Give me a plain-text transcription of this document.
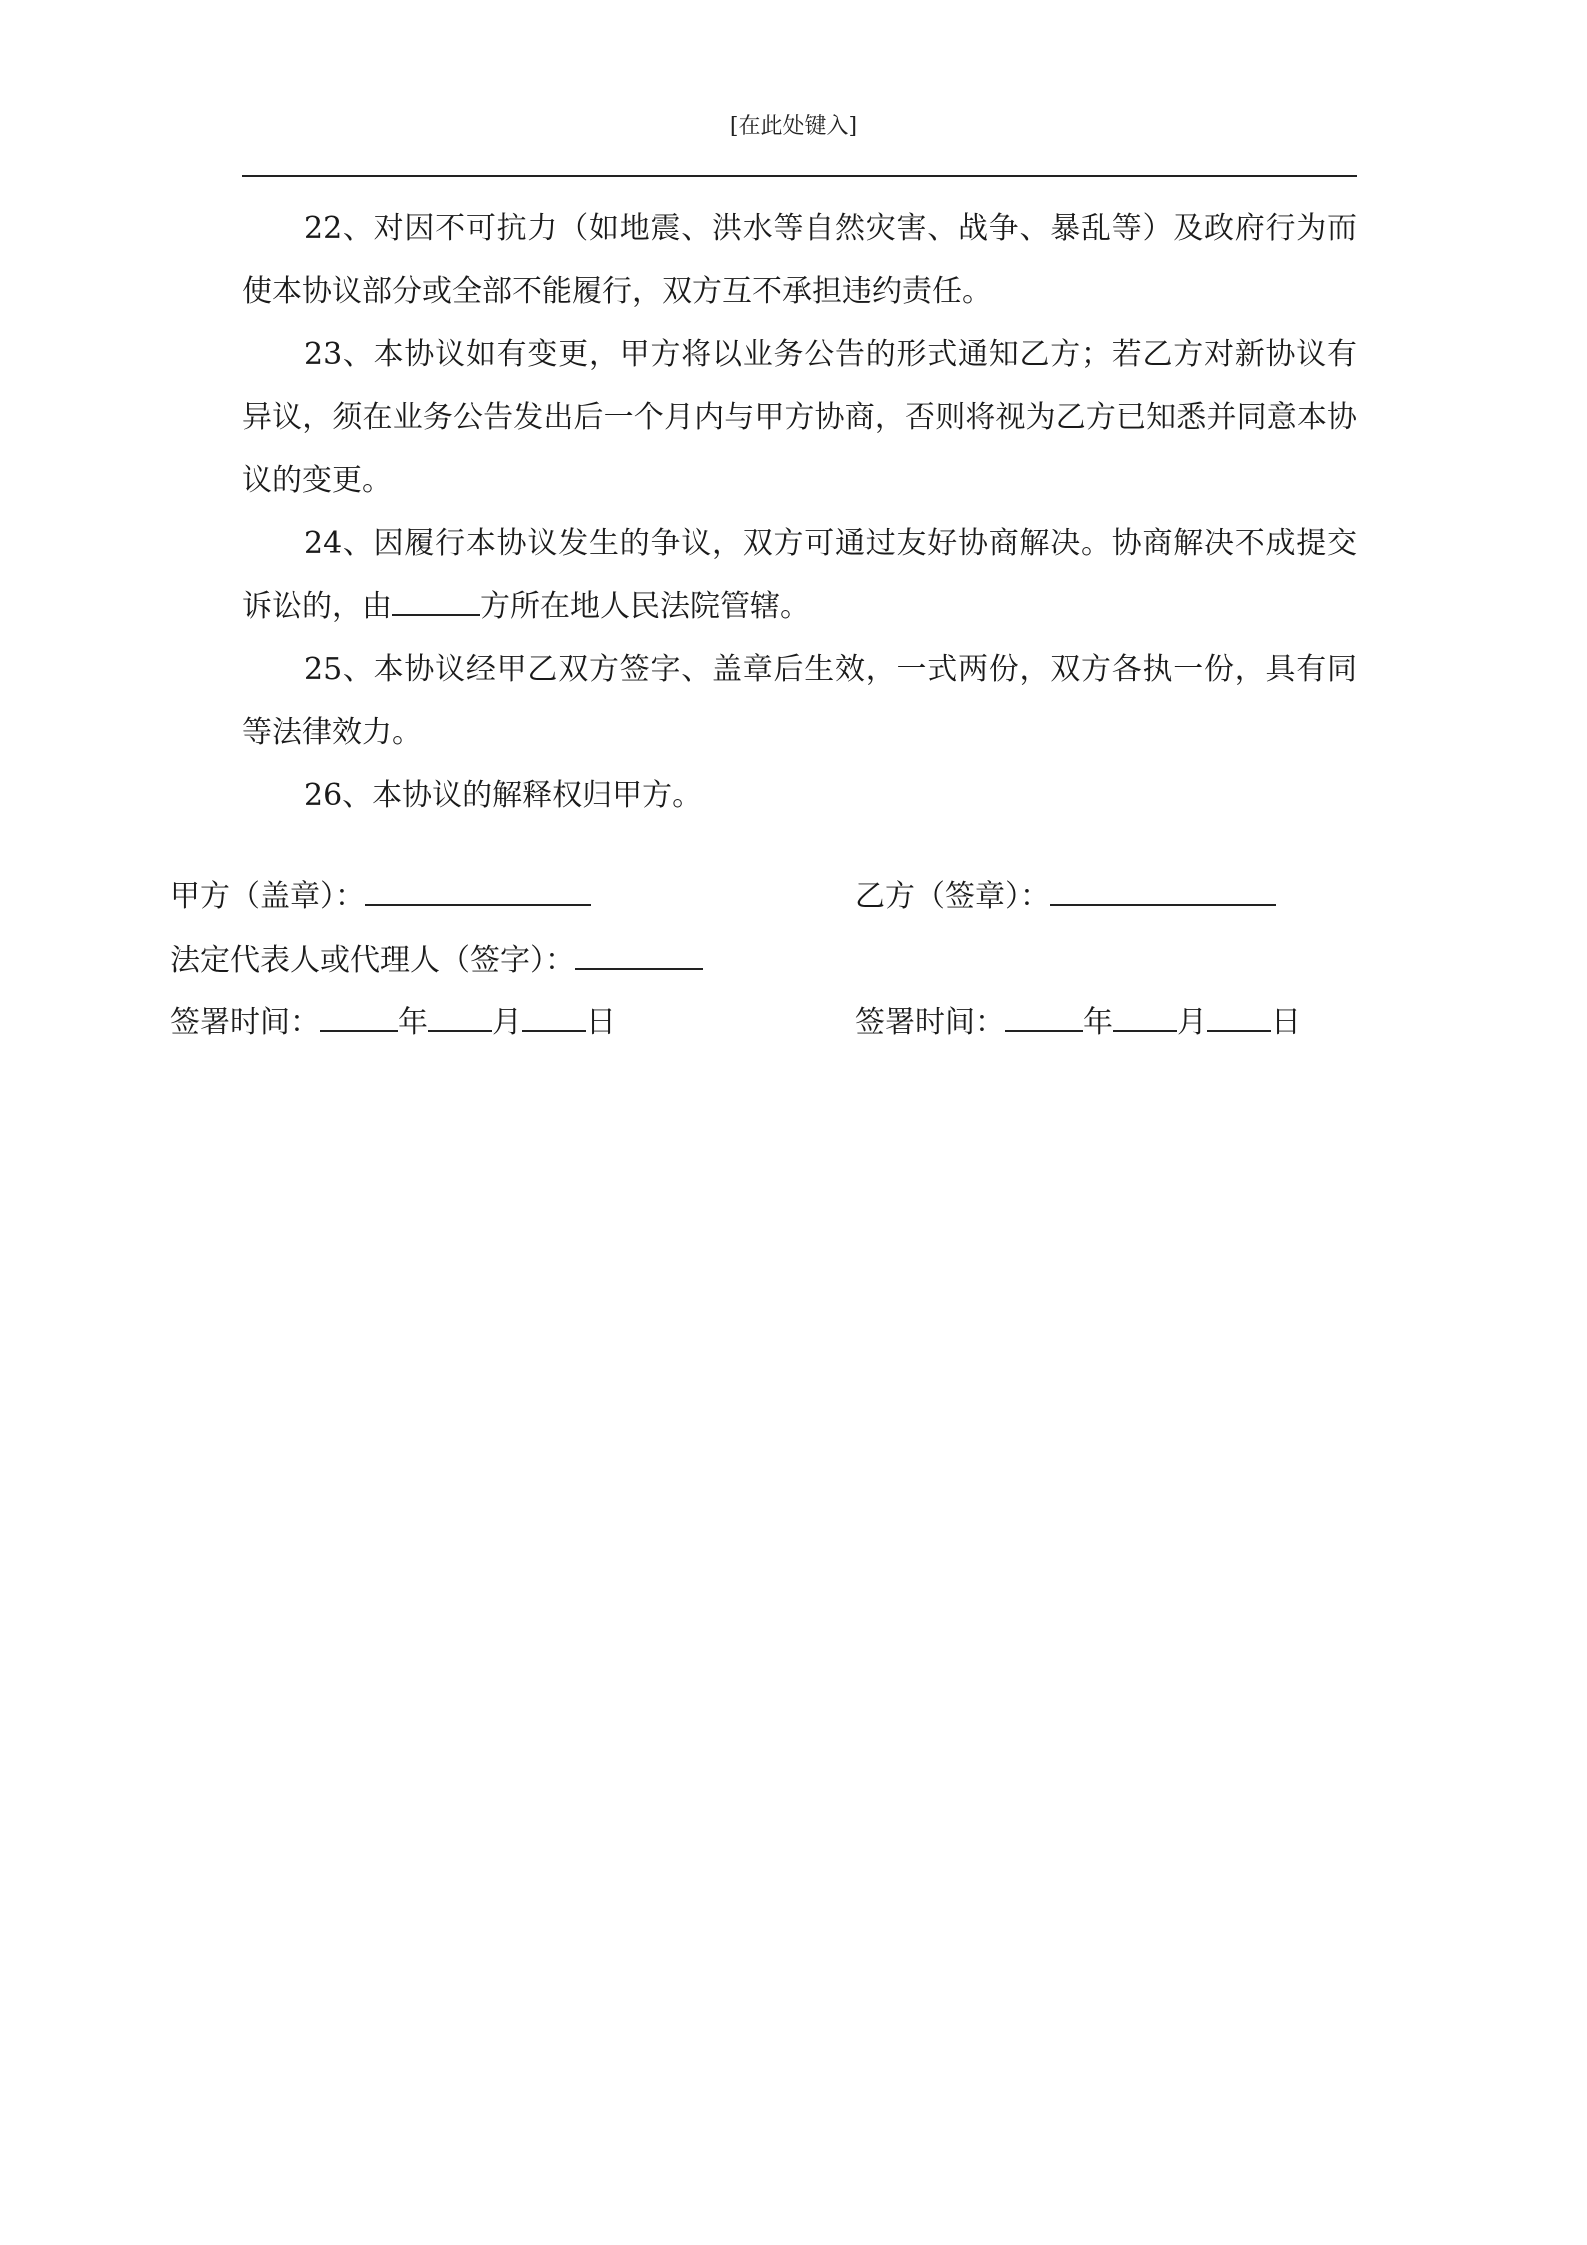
[在此处键入]

22、对因不可抗力（如地震、洪水等自然灾害、战争、暴乱等）及政府行为而使本协议部分或全部不能履行，双方互不承担违约责任。

23、本协议如有变更，甲方将以业务公告的形式通知乙方；若乙方对新协议有异议，须在业务公告发出后一个月内与甲方协商，否则将视为乙方已知悉并同意本协议的变更。

24、因履行本协议发生的争议，双方可通过友好协商解决。协商解决不成提交诉讼的，由	方所在地人民法院管辖。

25、本协议经甲乙双方签字、盖章后生效，一式两份，双方各执一份，具有同等法律效力。

26、本协议的解释权归甲方。

甲方（盖章）：	乙方（签章）：
法定代表人或代理人（签字）：
签署时间：	年 月 日	签署时间：	年 月 日
